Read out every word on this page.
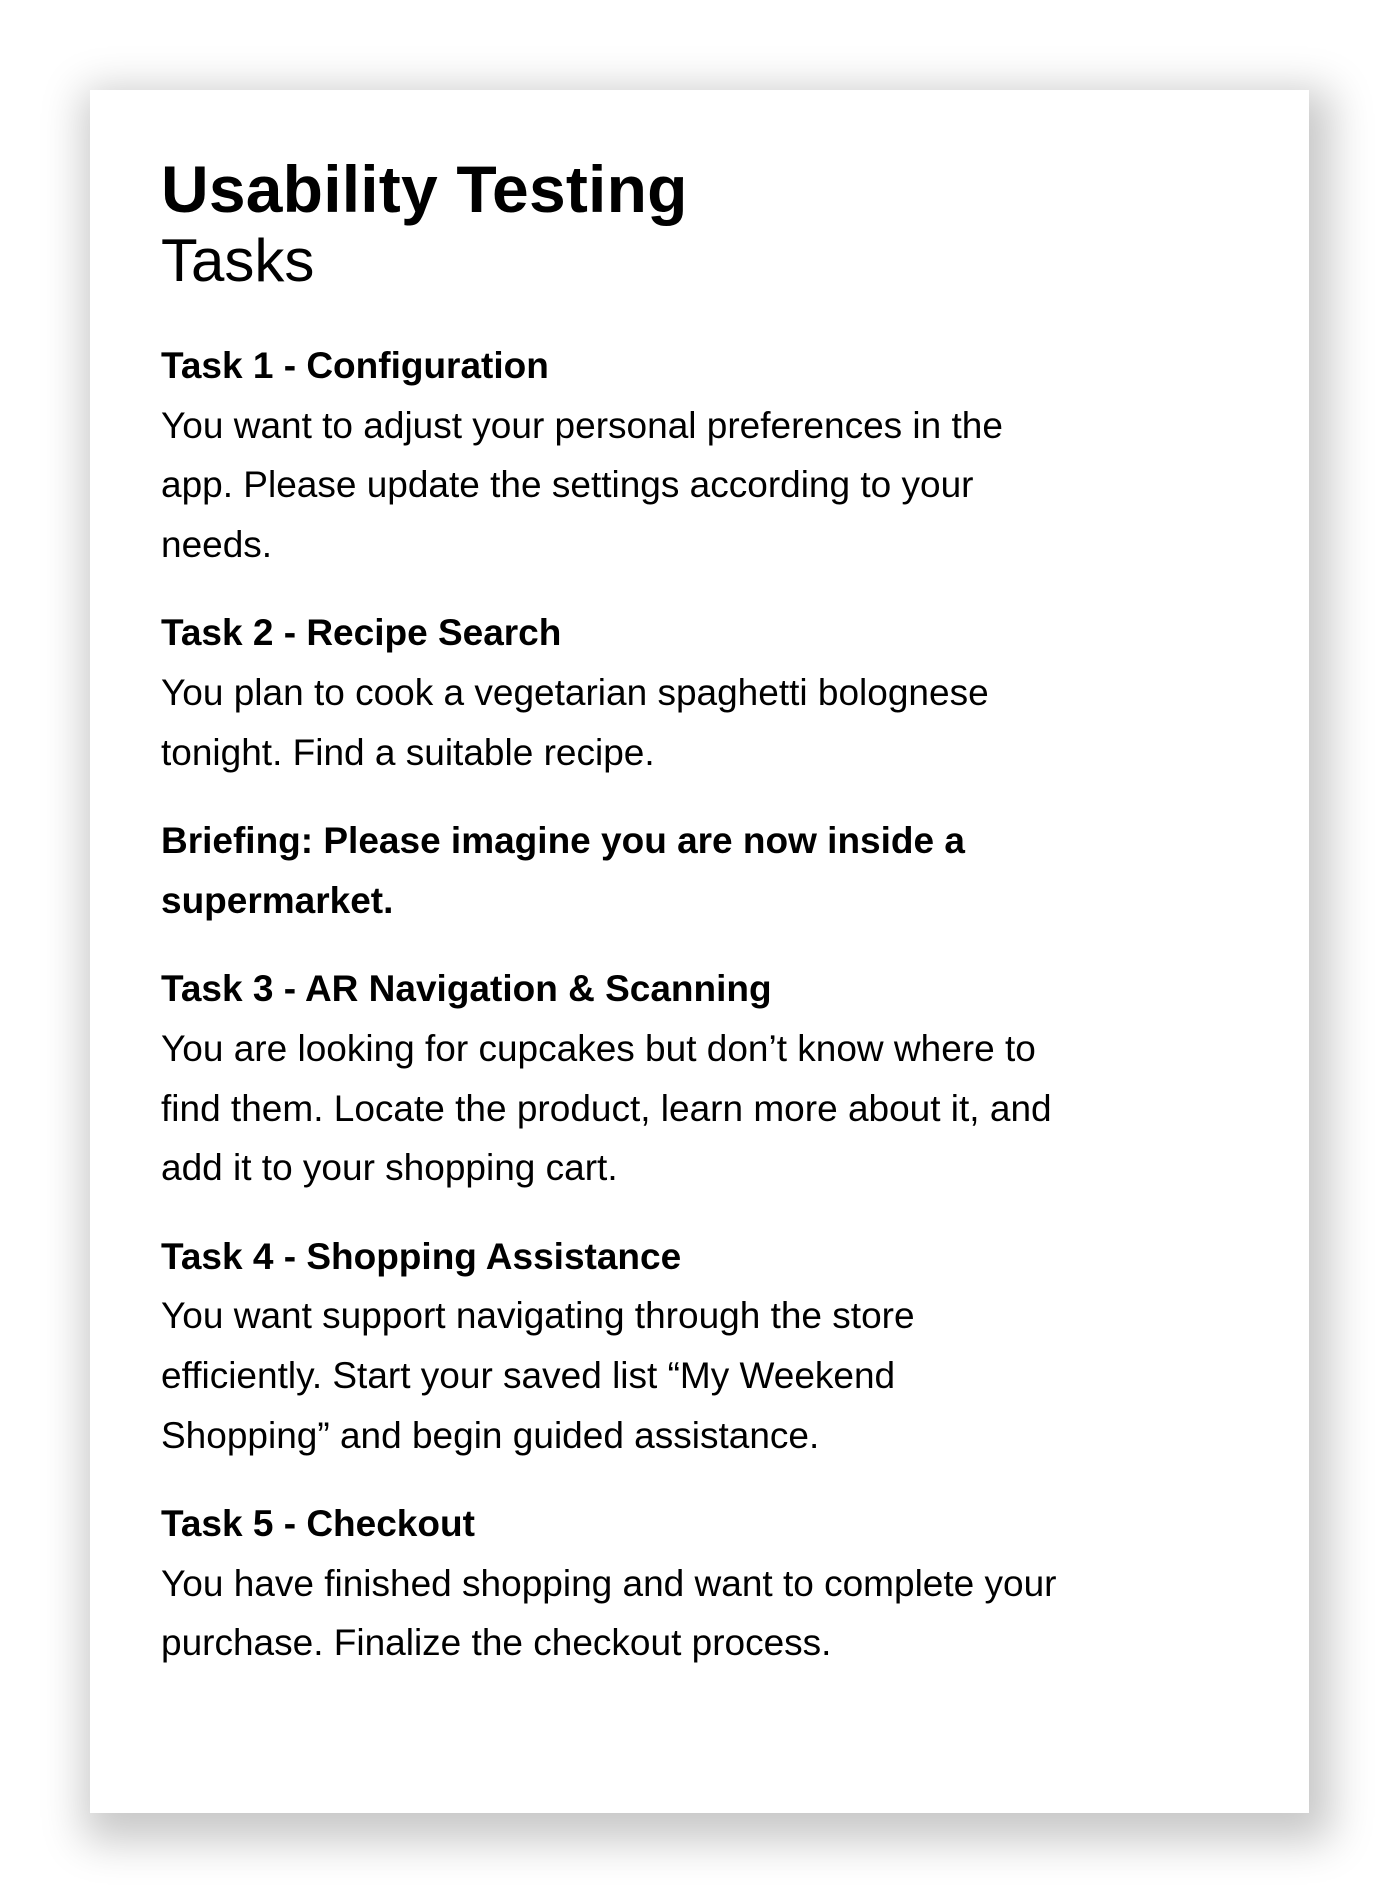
Usability Testing
Tasks
Task 1 - Configuration

You want to adjust your personal preferences in the
app. Please update the settings according to your
needs.

Task 2 - Recipe Search

You plan to cook a vegetarian spaghetti bolognese
tonight. Find a suitable recipe.

Briefing: Please imagine you are now inside a
supermarket.

Task 3 - AR Navigation & Scanning

You are looking for cupcakes but don’t know where to
find them. Locate the product, learn more about it, and
add it to your shopping cart.

Task 4 - Shopping Assistance

You want support navigating through the store
efficiently. Start your saved list “My Weekend
Shopping” and begin guided assistance.

Task 5 - Checkout

You have finished shopping and want to complete your
purchase. Finalize the checkout process.
